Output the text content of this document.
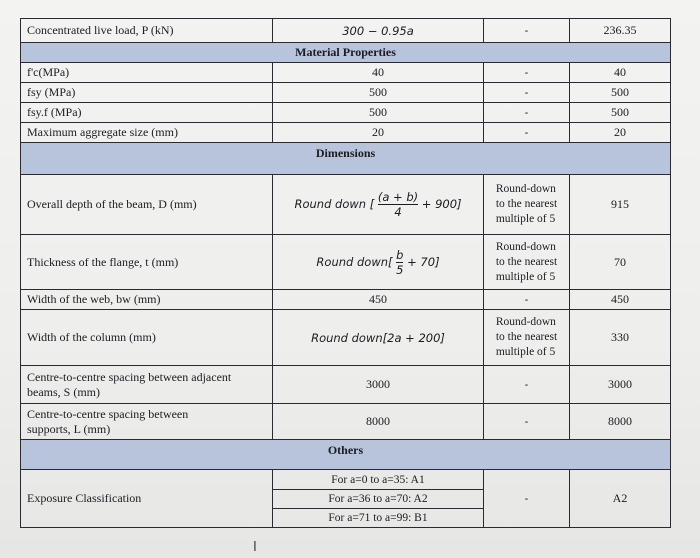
Concentrated live load, P (kN)	300 − 0.95a	-	236.35
Material Properties			
f'c(MPa)	40	-	40
fsy (MPa)	500	-	500
fsy.f (MPa)	500	-	500
Maximum aggregate size (mm)	20	-	20
Dimensions			
Overall depth of the beam, D (mm)	Round down [ $\frac{(a + b)}{4} + 900$]	Round-down
to the nearest
multiple of 5	915
Thickness of the flange, t (mm)	Round down[ $\frac{b}{5} + 70$]	Round-down
to the nearest
multiple of 5	70
Width of the web, bw (mm)	450	-	450
Width of the column (mm)	Round down[2a + 200]	Round-down
to the nearest
multiple of 5	330
Centre-to-centre spacing between adjacent
beams, S (mm)	3000	-	3000
Centre-to-centre spacing between
supports, L (mm)	8000	-	8000
Others			
Exposure Classification	For a=0 to a=35: A1
For a=36 to a=70: A2
For a=71 to a=99: B1	-	A2
I
